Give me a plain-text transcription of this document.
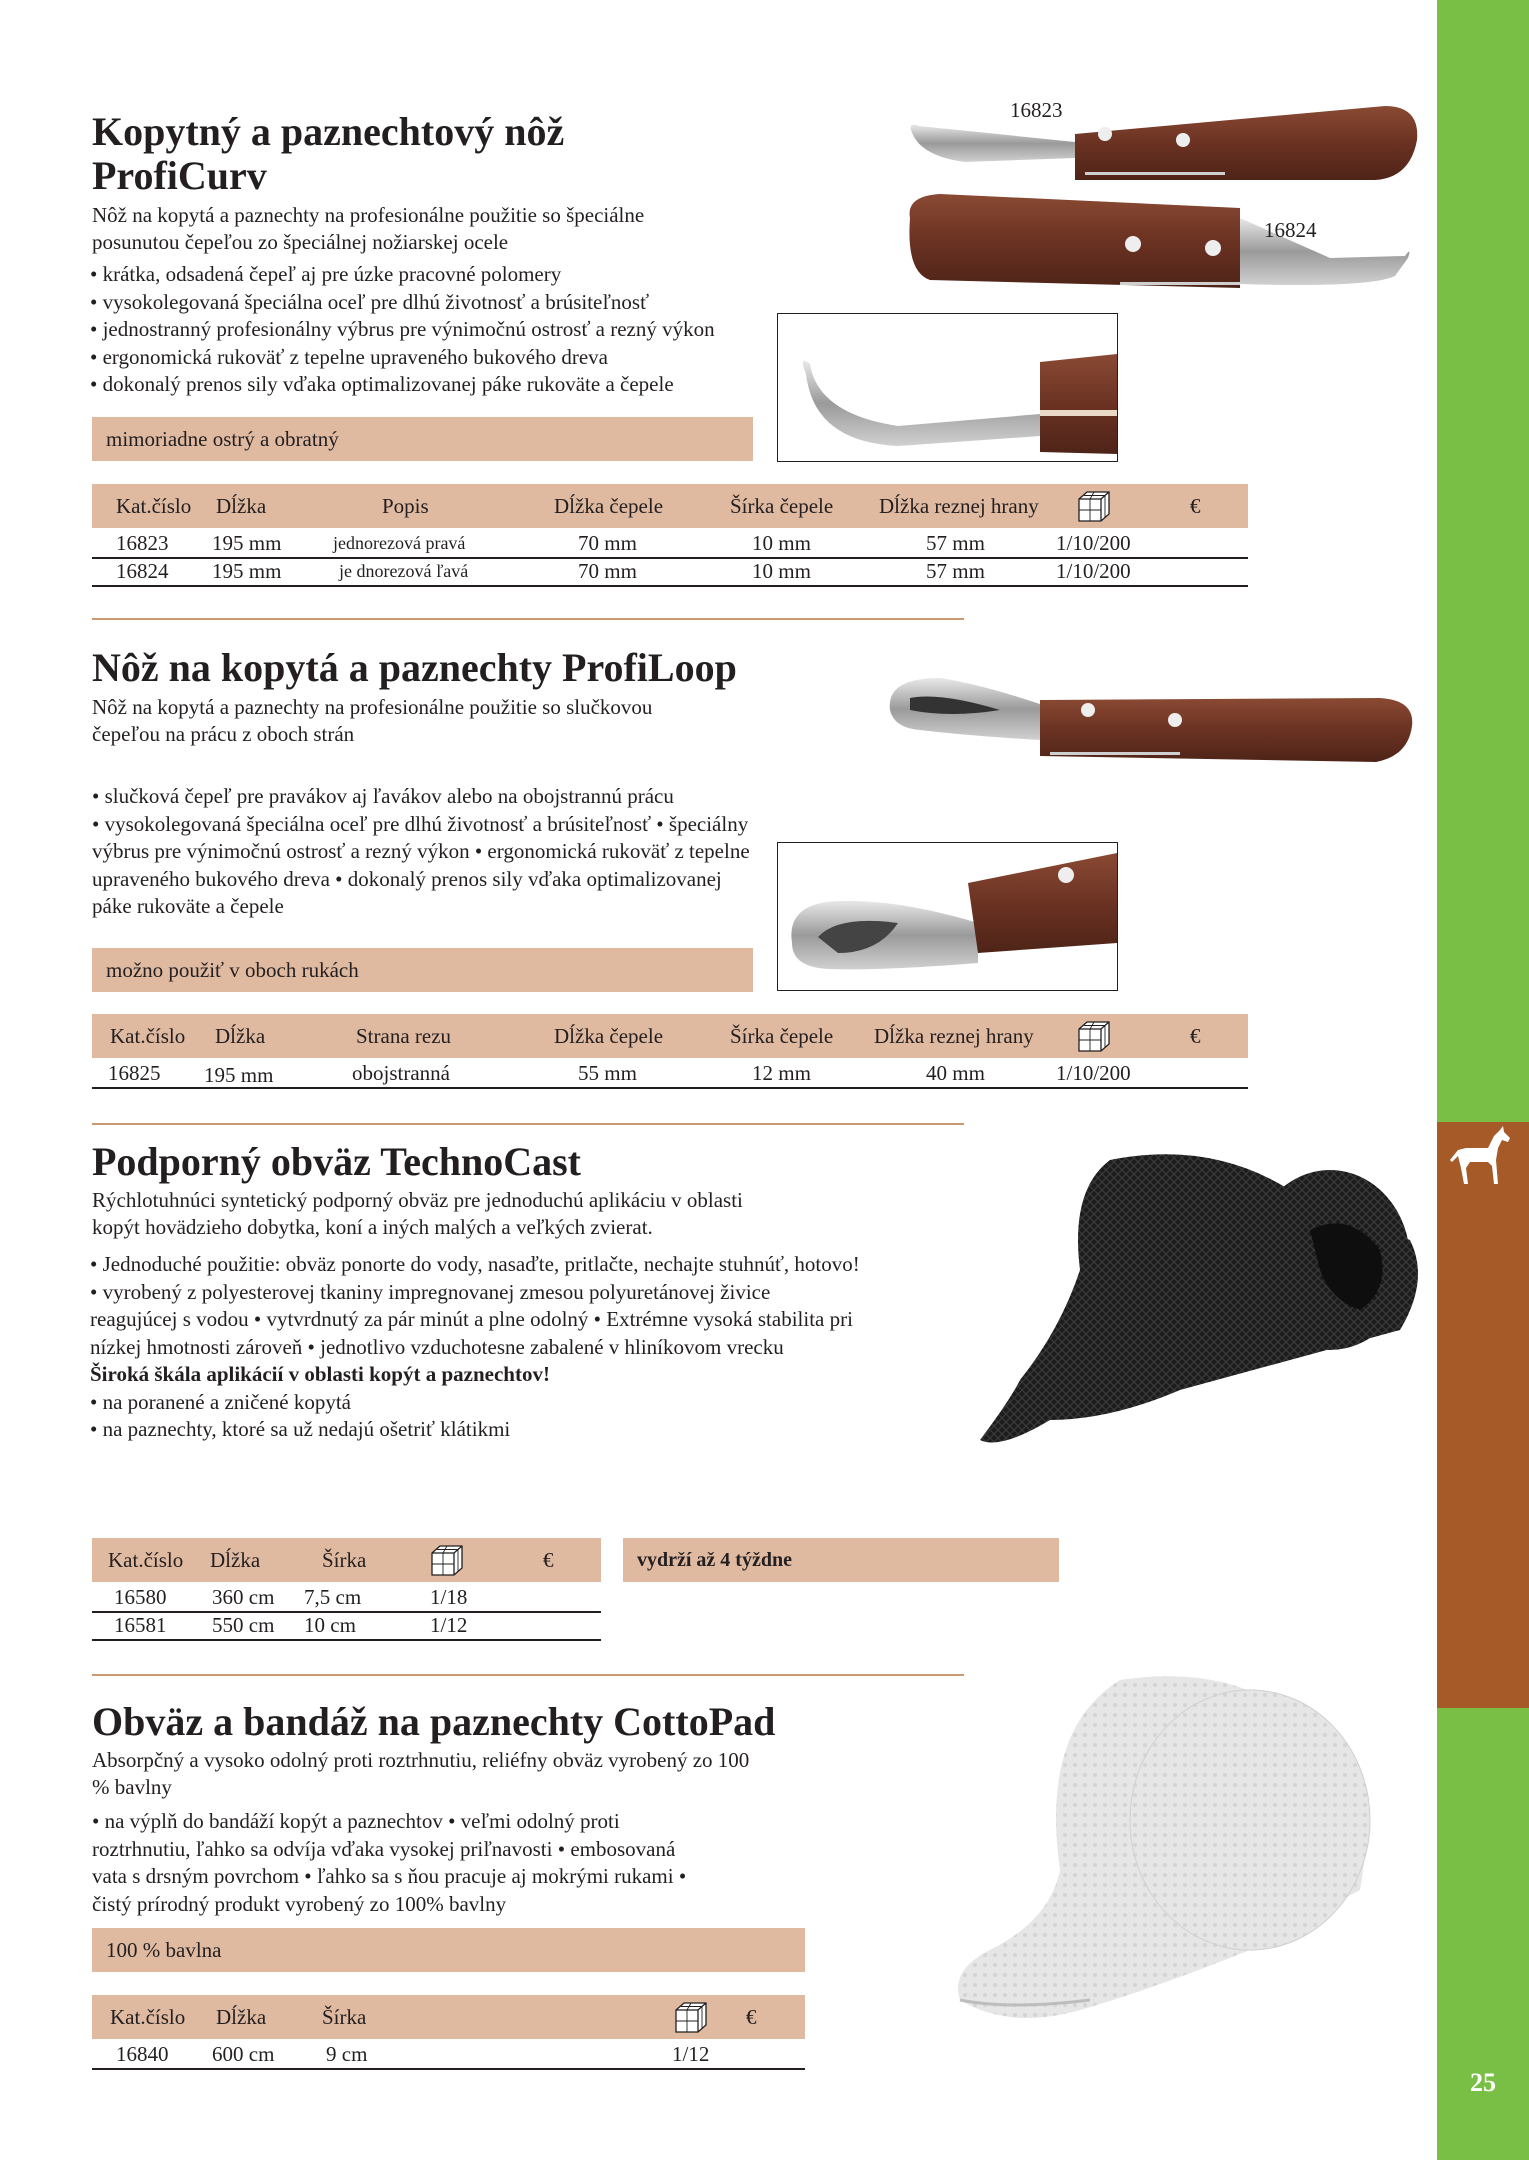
25
Kopytný a paznechtový nôž
ProfiCurv
Nôž na kopytá a paznechty na profesionálne použitie so špeciálne
posunutou čepeľou zo špeciálnej nožiarskej ocele
• krátka, odsadená čepeľ aj pre úzke pracovné polomery
• vysokolegovaná špeciálna oceľ pre dlhú životnosť a brúsiteľnosť
• jednostranný profesionálny výbrus pre výnimočnú ostrosť a rezný výkon
• ergonomická rukoväť z tepelne upraveného bukového dreva
• dokonalý prenos sily vďaka optimalizovanej páke rukoväte a čepele
16823
16824
mimoriadne ostrý a obratný
Kat.číslo Dĺžka	Popis	Dĺžka čepele	Šírka čepele Dĺžka reznej hrany	€
16823 195 mm	jednorezová pravá	70 mm	10 mm	57 mm	1/10/200
16824 195 mm	je dnorezová ľavá	70 mm	10 mm	57 mm	1/10/200
Nôž na kopytá a paznechty ProfiLoop
Nôž na kopytá a paznechty na profesionálne použitie so slučkovou
čepeľou na prácu z oboch strán
• slučková čepeľ pre pravákov aj ľavákov alebo na obojstrannú prácu
• vysokolegovaná špeciálna oceľ pre dlhú životnosť a brúsiteľnosť • špeciálny
výbrus pre výnimočnú ostrosť a rezný výkon • ergonomická rukoväť z tepelne
upraveného bukového dreva • dokonalý prenos sily vďaka optimalizovanej
páke rukoväte a čepele
možno použiť v oboch rukách
Kat.číslo Dĺžka	Strana rezu	Dĺžka čepele	Šírka čepele Dĺžka reznej hrany	€
16825 195 mm	obojstranná	55 mm	12 mm	40 mm	1/10/200
Podporný obväz TechnoCast
Rýchlotuhnúci syntetický podporný obväz pre jednoduchú aplikáciu v oblasti
kopýt hovädzieho dobytka, koní a iných malých a veľkých zvierat.
• Jednoduché použitie: obväz ponorte do vody, nasaďte, pritlačte, nechajte stuhnúť, hotovo!
• vyrobený z polyesterovej tkaniny impregnovanej zmesou polyuretánovej živice
reagujúcej s vodou • vytvrdnutý za pár minút a plne odolný • Extrémne vysoká stabilita pri
nízkej hmotnosti zároveň • jednotlivo vzduchotesne zabalené v hliníkovom vrecku
Široká škála aplikácií v oblasti kopýt a paznechtov!
• na poranené a zničené kopytá
• na paznechty, ktoré sa už nedajú ošetriť klátikmi
Kat.číslo Dĺžka	Šírka	€	vydrží až 4 týždne
16580 360 cm 7,5 cm	1/18
16581 550 cm 10 cm	1/12
Obväz a bandáž na paznechty CottoPad
Absorpčný a vysoko odolný proti roztrhnutiu, reliéfny obväz vyrobený zo 100
% bavlny
• na výplň do bandáží kopýt a paznechtov • veľmi odolný proti
roztrhnutiu, ľahko sa odvíja vďaka vysokej priľnavosti • embosovaná
vata s drsným povrchom • ľahko sa s ňou pracuje aj mokrými rukami •
čistý prírodný produkt vyrobený zo 100% bavlny
100 % bavlna
Kat.číslo Dĺžka	Šírka	€
16840 600 cm 9 cm	1/12
